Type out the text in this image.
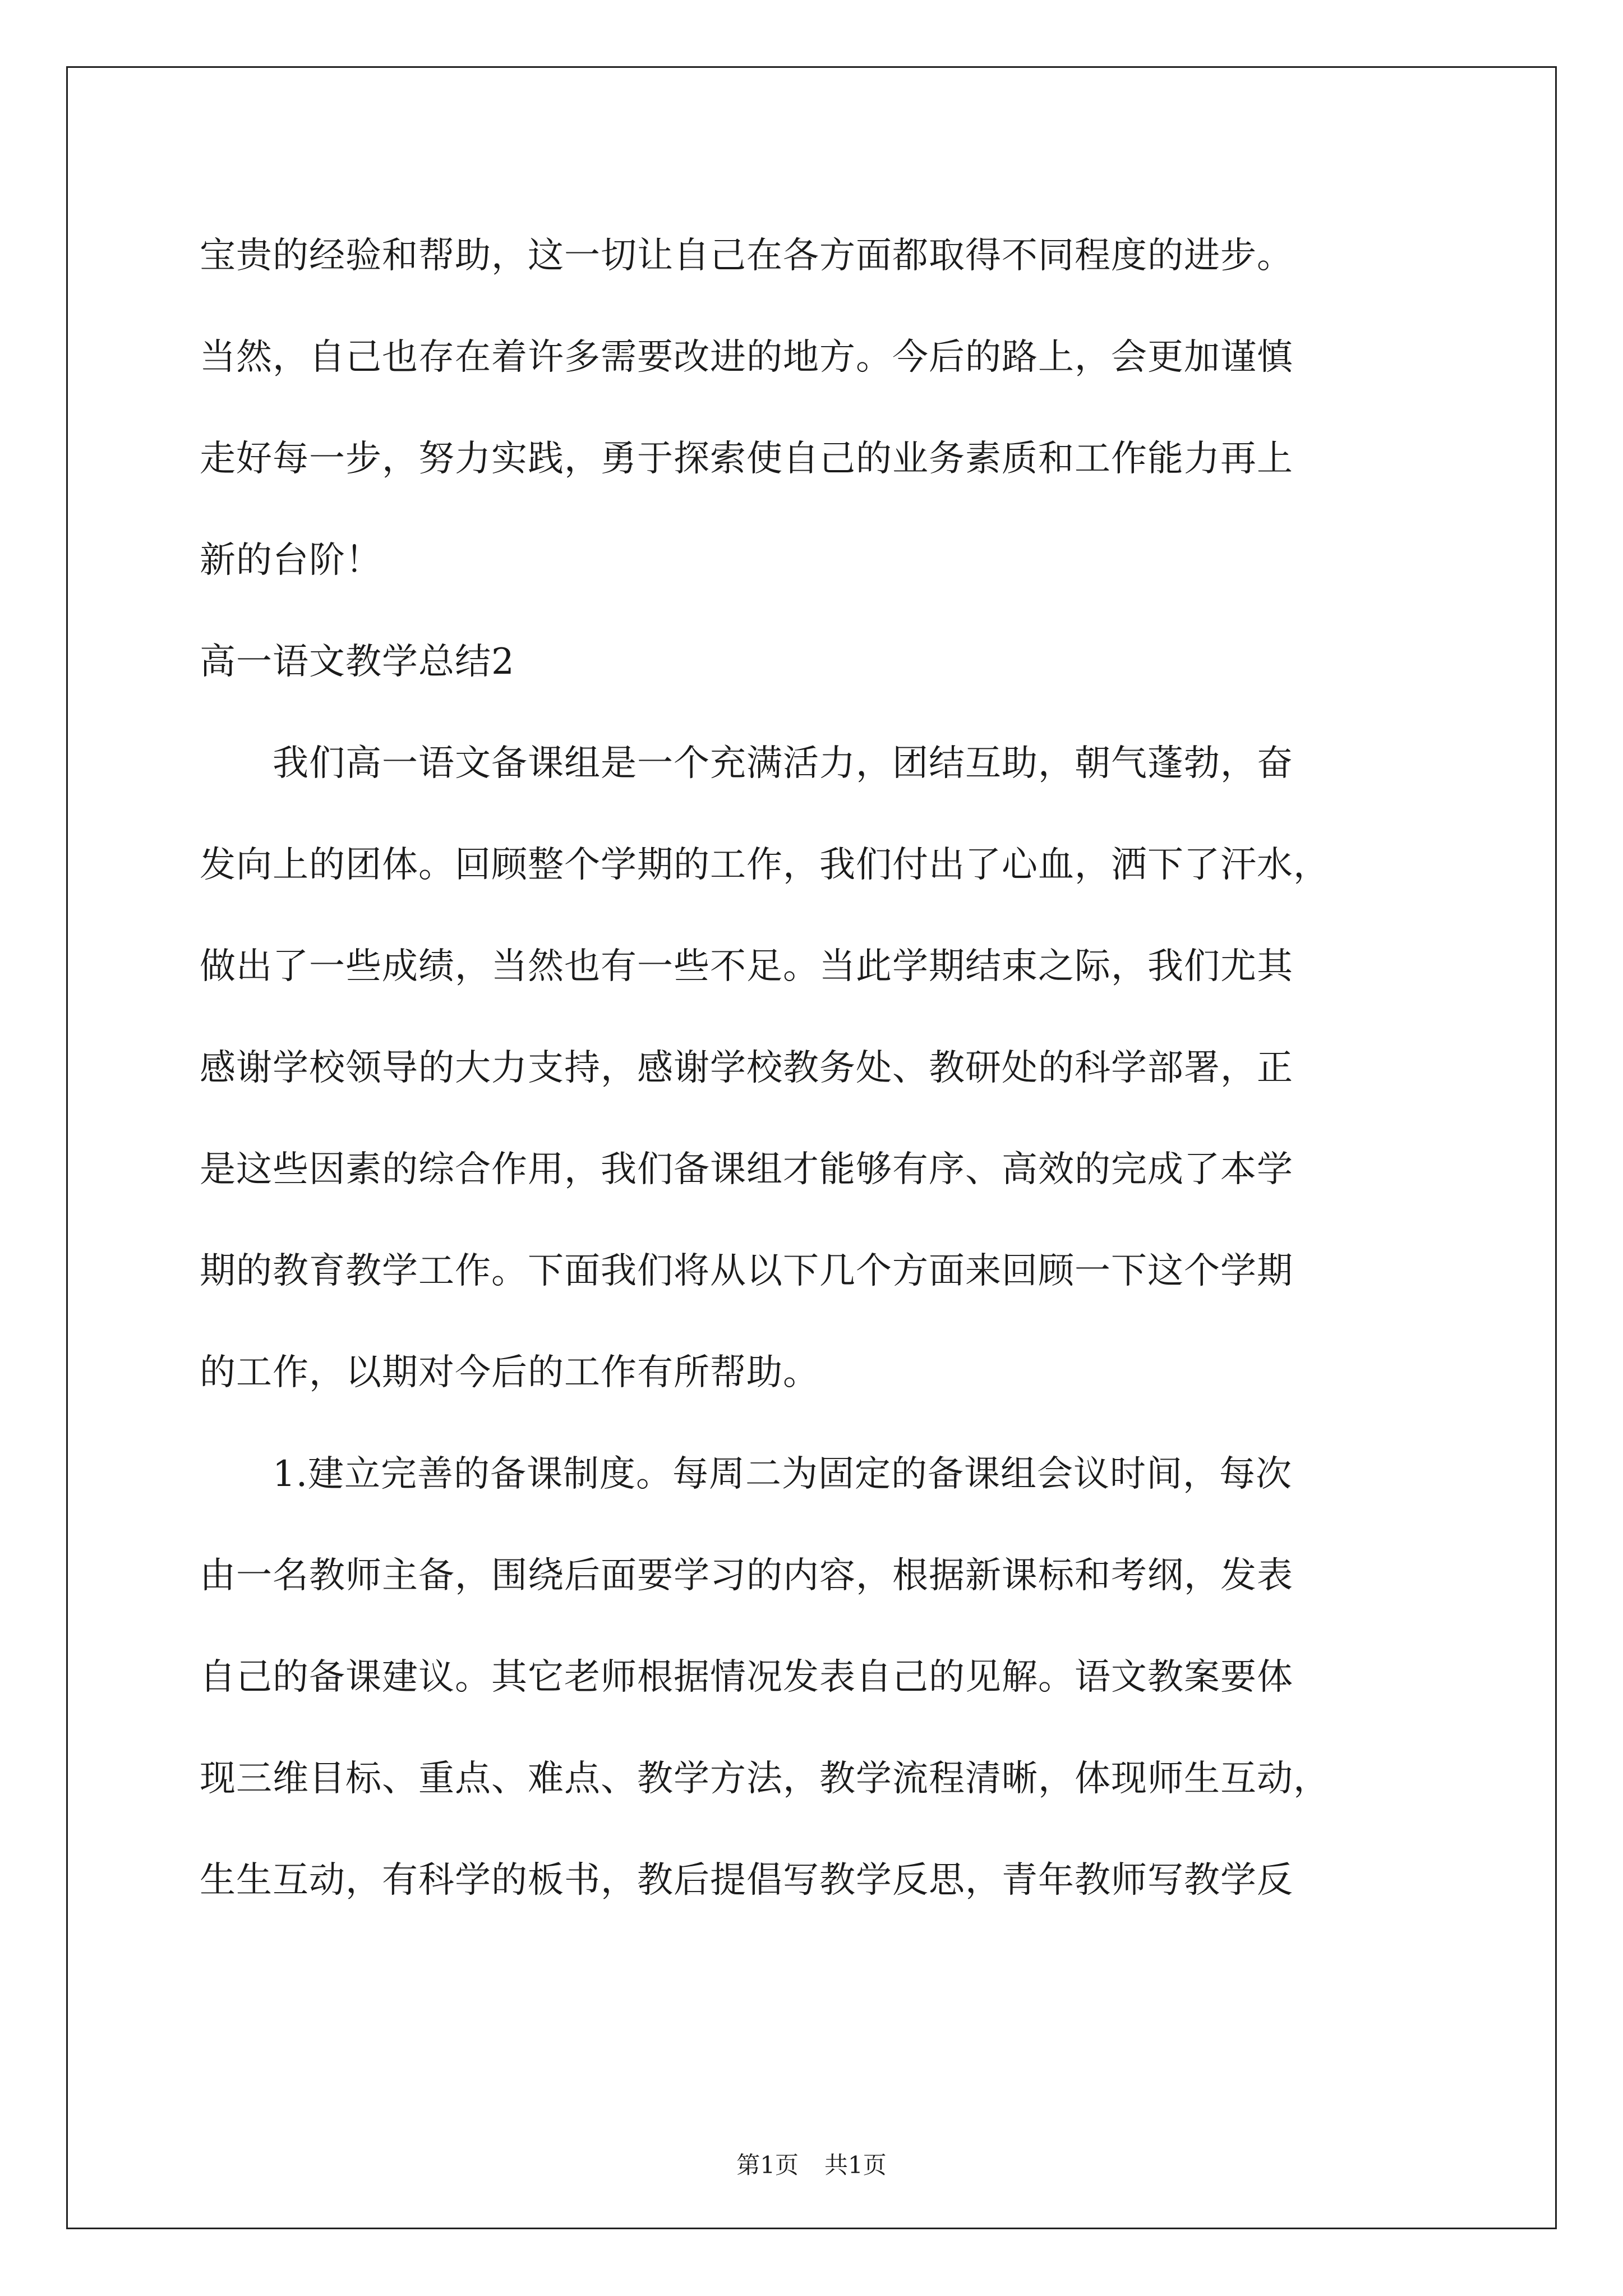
宝贵的经验和帮助，这一切让自己在各方面都取得不同程度的进步。
当然，自己也存在着许多需要改进的地方。今后的路上，会更加谨慎
走好每一步，努力实践，勇于探索使自己的业务素质和工作能力再上
新的台阶！
高一语文教学总结2
　　我们高一语文备课组是一个充满活力，团结互助，朝气蓬勃，奋
发向上的团体。回顾整个学期的工作，我们付出了心血，洒下了汗水，
做出了一些成绩，当然也有一些不足。当此学期结束之际，我们尤其
感谢学校领导的大力支持，感谢学校教务处、教研处的科学部署，正
是这些因素的综合作用，我们备课组才能够有序、高效的完成了本学
期的教育教学工作。下面我们将从以下几个方面来回顾一下这个学期
的工作，以期对今后的工作有所帮助。
　　1.建立完善的备课制度。每周二为固定的备课组会议时间，每次
由一名教师主备，围绕后面要学习的内容，根据新课标和考纲，发表
自己的备课建议。其它老师根据情况发表自己的见解。语文教案要体
现三维目标、重点、难点、教学方法，教学流程清晰，体现师生互动，
生生互动，有科学的板书，教后提倡写教学反思，青年教师写教学反
第1页 共1页
